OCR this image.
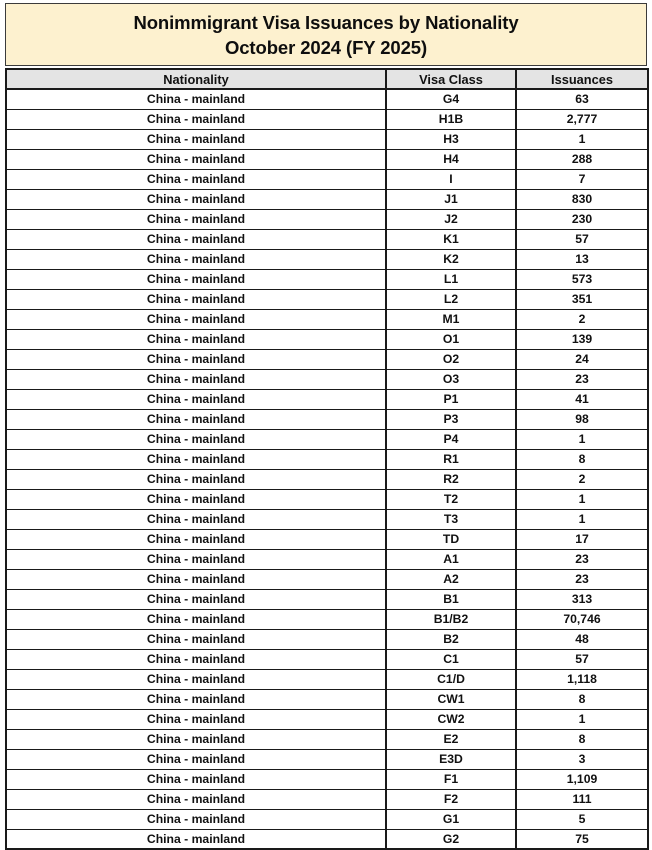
Nonimmigrant Visa Issuances by Nationality
October 2024 (FY 2025)
Nationality	Visa Class	Issuances
China - mainland	G4	63
China - mainland	H1B	2,777
China - mainland	H3	1
China - mainland	H4	288
China - mainland	I	7
China - mainland	J1	830
China - mainland	J2	230
China - mainland	K1	57
China - mainland	K2	13
China - mainland	L1	573
China - mainland	L2	351
China - mainland	M1	2
China - mainland	O1	139
China - mainland	O2	24
China - mainland	O3	23
China - mainland	P1	41
China - mainland	P3	98
China - mainland	P4	1
China - mainland	R1	8
China - mainland	R2	2
China - mainland	T2	1
China - mainland	T3	1
China - mainland	TD	17
China - mainland	A1	23
China - mainland	A2	23
China - mainland	B1	313
China - mainland	B1/B2	70,746
China - mainland	B2	48
China - mainland	C1	57
China - mainland	C1/D	1,118
China - mainland	CW1	8
China - mainland	CW2	1
China - mainland	E2	8
China - mainland	E3D	3
China - mainland	F1	1,109
China - mainland	F2	111
China - mainland	G1	5
China - mainland	G2	75
